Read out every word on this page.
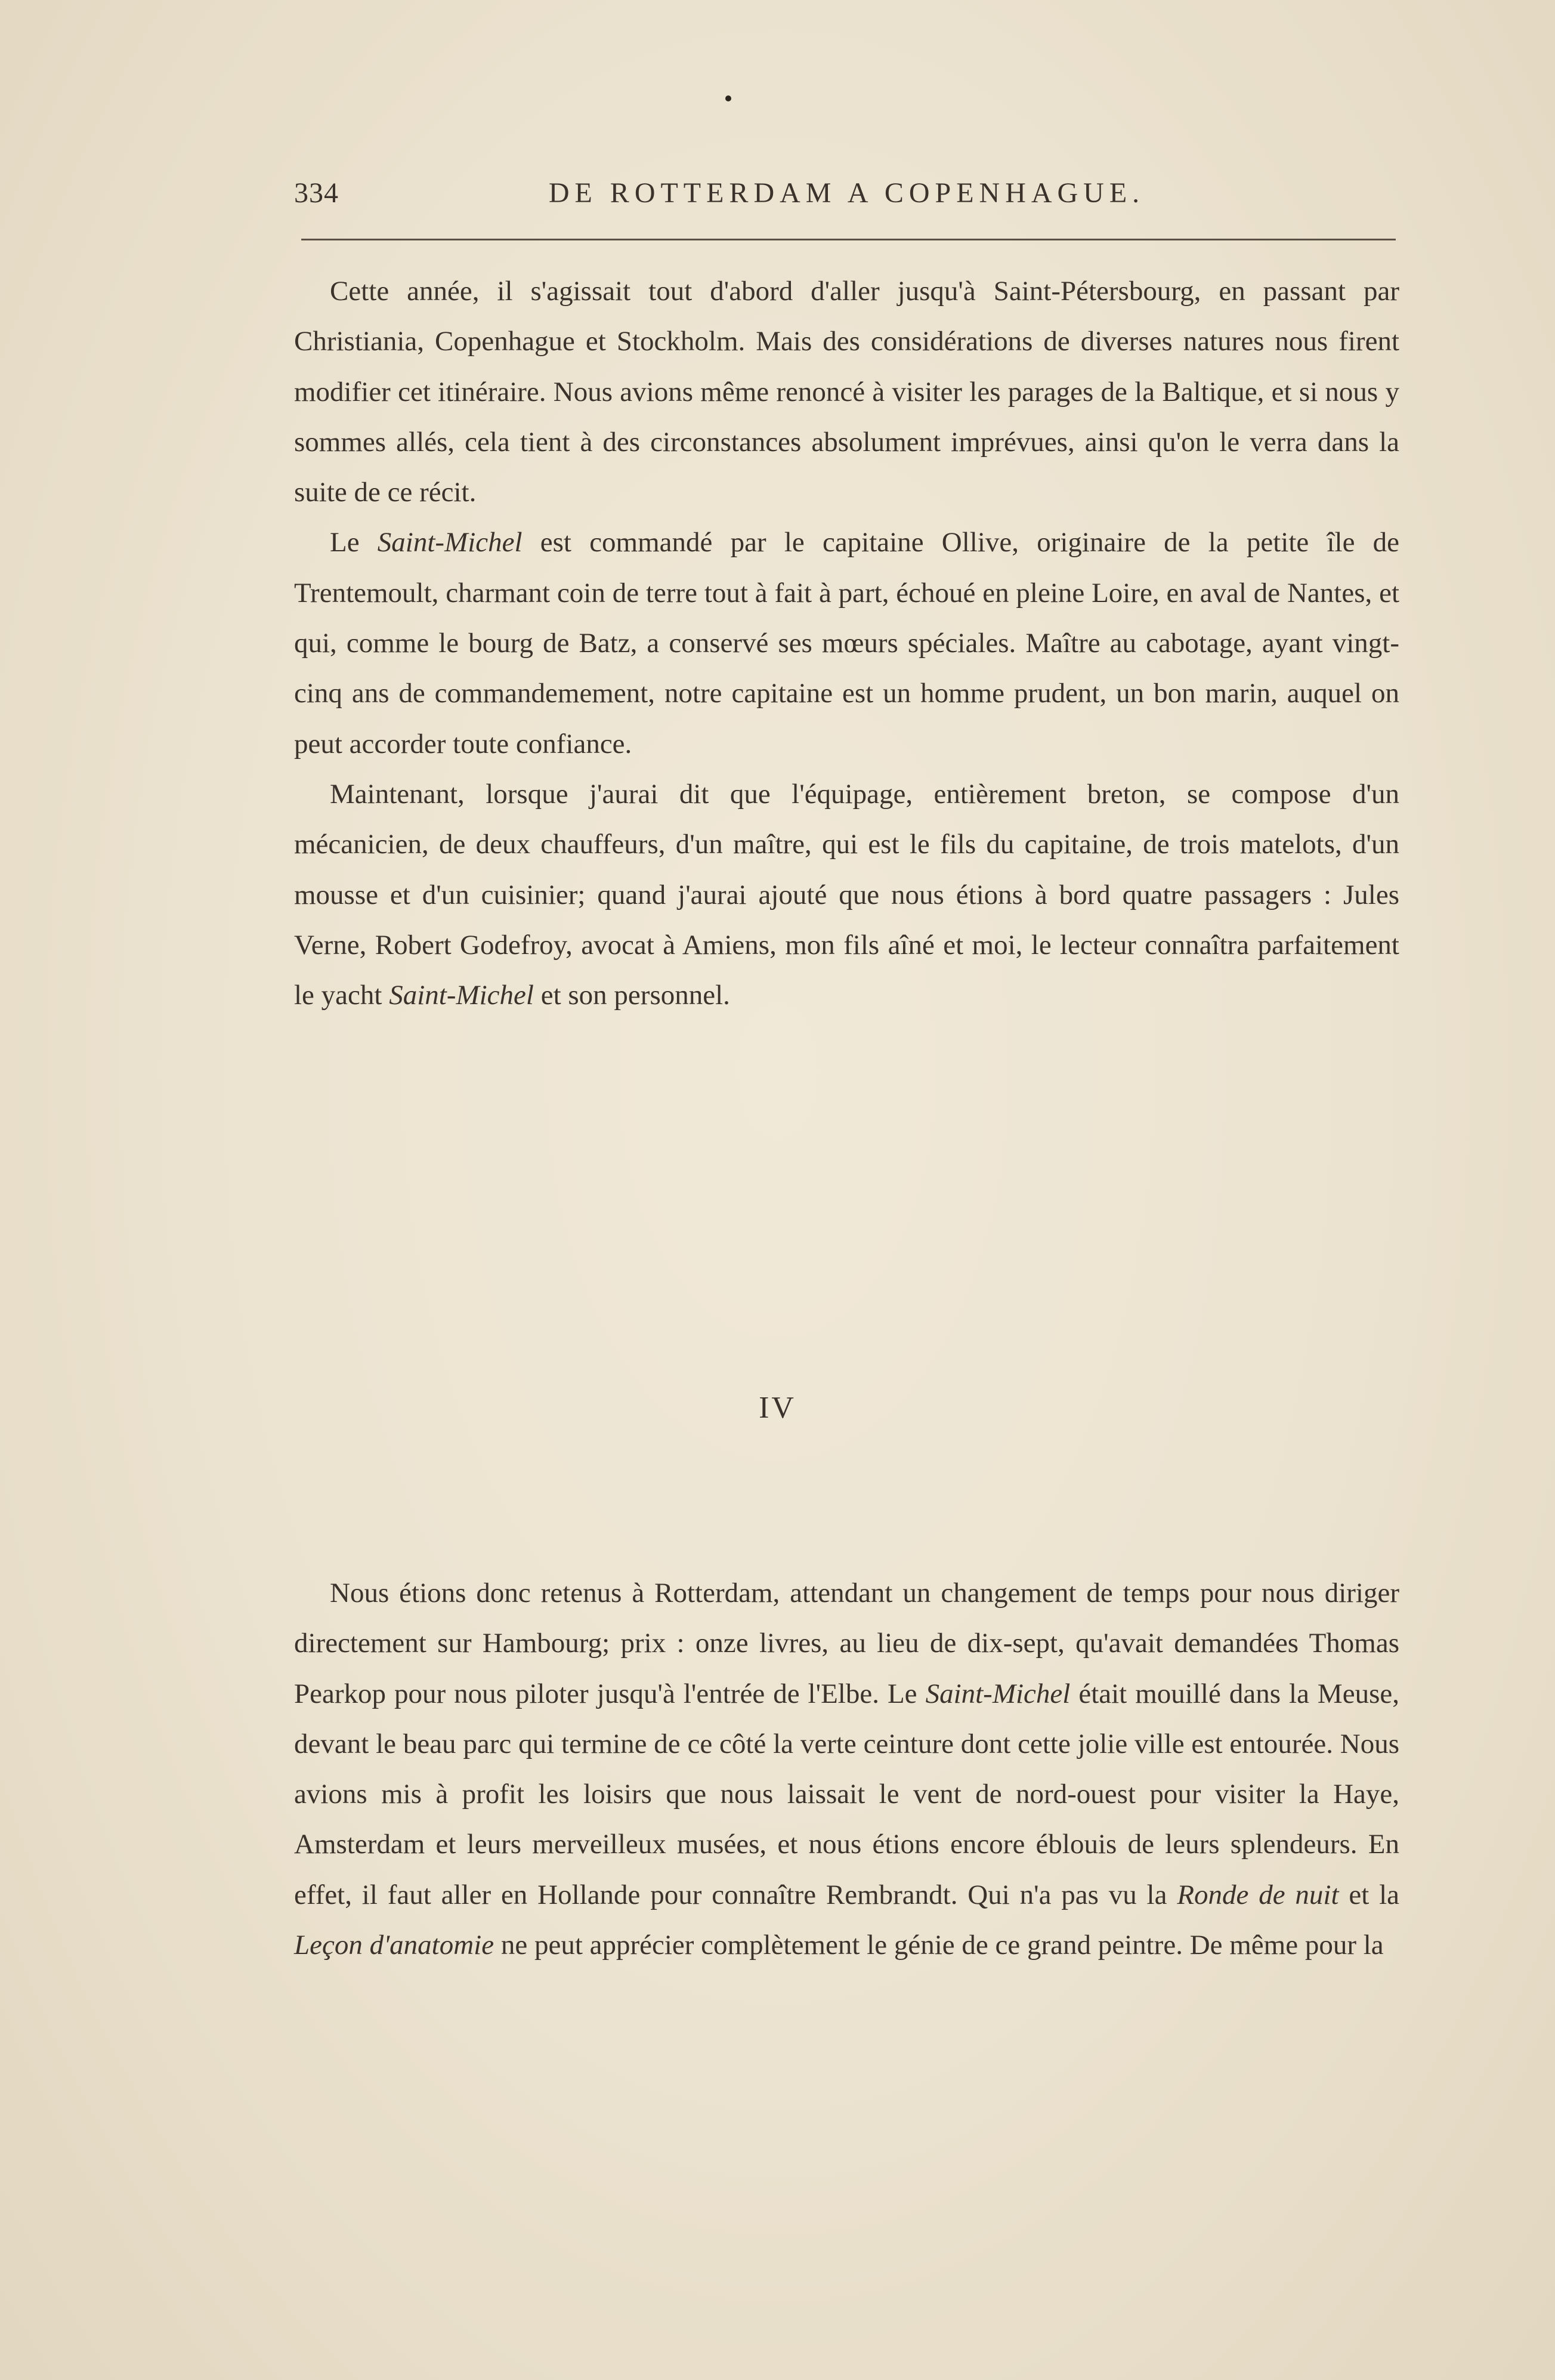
334	DE ROTTERDAM A COPENHAGUE.

Cette année, il s'agissait tout d'abord d'aller jusqu'à Saint-Pétersbourg, en passant par Christiania, Copenhague et Stockholm. Mais des considérations de diverses natures nous firent modifier cet itinéraire. Nous avions même renoncé à visiter les parages de la Baltique, et si nous y sommes allés, cela tient à des circonstances absolument imprévues, ainsi qu'on le verra dans la suite de ce récit.

Le Saint-Michel est commandé par le capitaine Ollive, originaire de la petite île de Trentemoult, charmant coin de terre tout à fait à part, échoué en pleine Loire, en aval de Nantes, et qui, comme le bourg de Batz, a conservé ses mœurs spéciales. Maître au cabotage, ayant vingt-cinq ans de commandemement, notre capitaine est un homme prudent, un bon marin, auquel on peut accorder toute confiance.

Maintenant, lorsque j'aurai dit que l'équipage, entièrement breton, se compose d'un mécanicien, de deux chauffeurs, d'un maître, qui est le fils du capitaine, de trois matelots, d'un mousse et d'un cuisinier; quand j'aurai ajouté que nous étions à bord quatre passagers : Jules Verne, Robert Godefroy, avocat à Amiens, mon fils aîné et moi, le lecteur connaîtra parfaitement le yacht Saint-Michel et son personnel.

IV

Nous étions donc retenus à Rotterdam, attendant un changement de temps pour nous diriger directement sur Hambourg; prix : onze livres, au lieu de dix-sept, qu'avait demandées Thomas Pearkop pour nous piloter jusqu'à l'entrée de l'Elbe. Le Saint-Michel était mouillé dans la Meuse, devant le beau parc qui termine de ce côté la verte ceinture dont cette jolie ville est entourée. Nous avions mis à profit les loisirs que nous laissait le vent de nord-ouest pour visiter la Haye, Amsterdam et leurs merveilleux musées, et nous étions encore éblouis de leurs splendeurs. En effet, il faut aller en Hollande pour connaître Rembrandt. Qui n'a pas vu la Ronde de nuit et la Leçon d'anatomie ne peut apprécier complètement le génie de ce grand peintre. De même pour la
